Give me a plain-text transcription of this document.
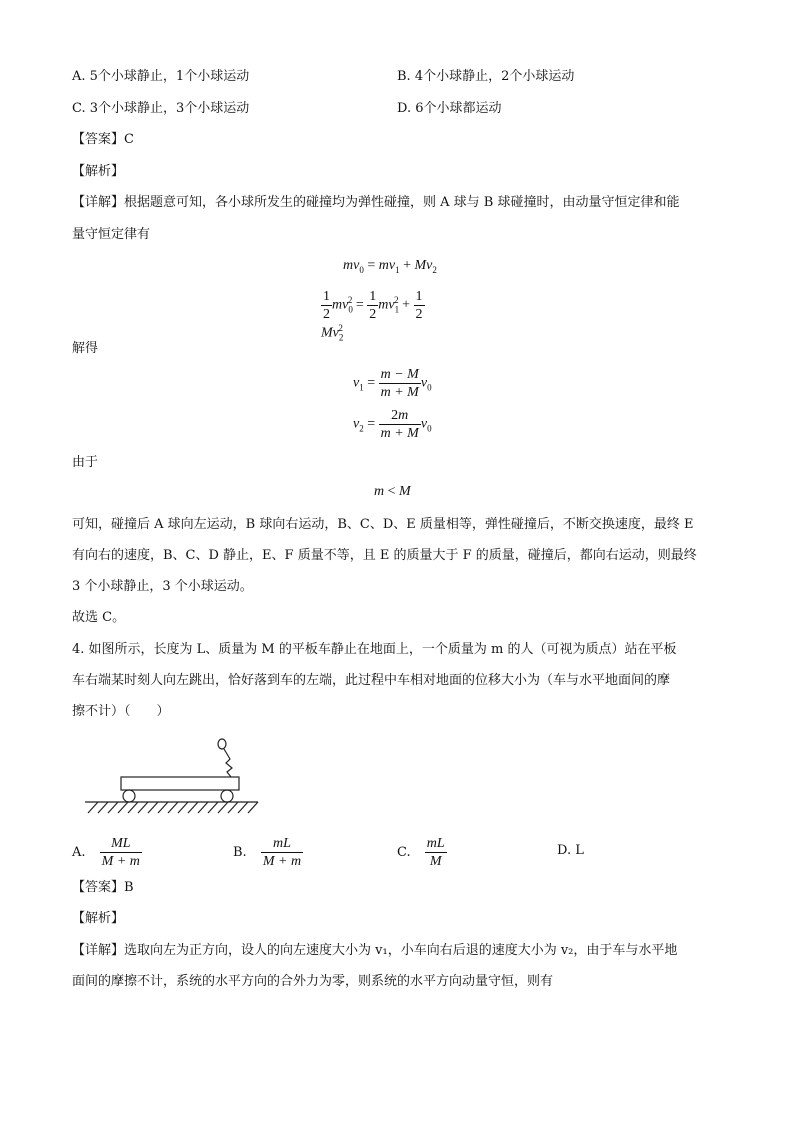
A. 5个小球静止，1个小球运动	B. 4个小球静止，2个小球运动
C. 3个小球静止，3个小球运动	D. 6个小球都运动
【答案】C
【解析】
【详解】根据题意可知，各小球所发生的碰撞均为弹性碰撞，则 A 球与 B 球碰撞时，由动量守恒定律和能
量守恒定律有
$mv_0 = mv_1 + Mv_2$
$\frac{1}{2} mv_0^2 = \frac{1}{2} mv_1^2 + \frac{1}{2}$
$Mv_2^2$
解得
$v_1 = \frac{m - M}{m + M} v_0$
$v_2 = \frac{2m}{m + M} v_0$
由于
m < M
可知，碰撞后 A 球向左运动，B 球向右运动，B、C、D、E 质量相等，弹性碰撞后，不断交换速度，最终 E
有向右的速度，B、C、D 静止，E、F 质量不等，且 E 的质量大于 F 的质量，碰撞后，都向右运动，则最终
3 个小球静止，3 个小球运动。
故选 C。
4. 如图所示，长度为 L、质量为 M 的平板车静止在地面上，一个质量为 m 的人（可视为质点）站在平板
车右端某时刻人向左跳出，恰好落到车的左端，此过程中车相对地面的位移大小为（车与水平地面间的摩
擦不计）（　　）
A. $\frac{ML}{M + m}$	B. $\frac{mL}{M + m}$	C. $\frac{mL}{M}$	D. L
【答案】B
【解析】
【详解】选取向左为正方向，设人的向左速度大小为 v₁，小车向右后退的速度大小为 v₂，由于车与水平地
面间的摩擦不计，系统的水平方向的合外力为零，则系统的水平方向动量守恒，则有
